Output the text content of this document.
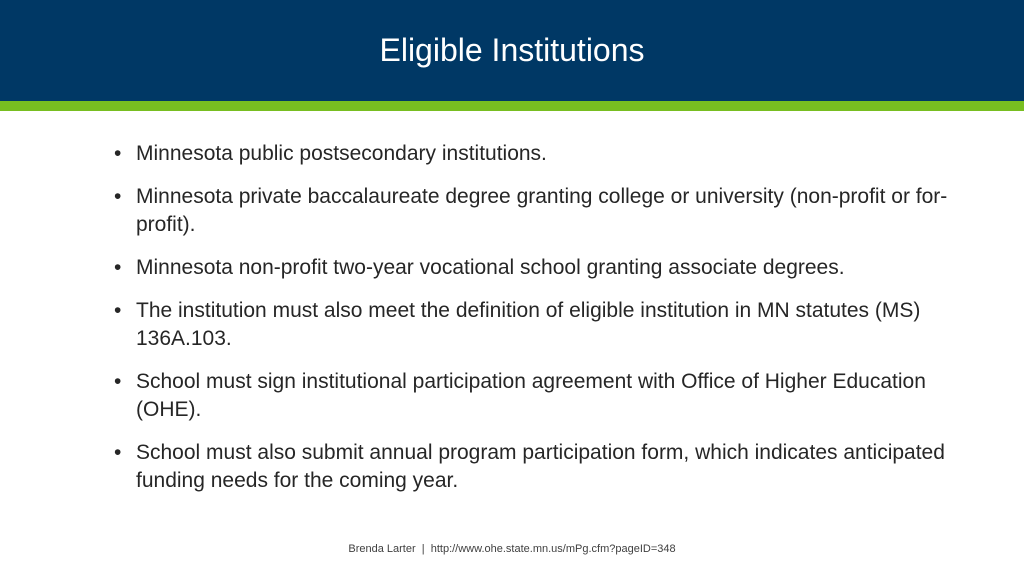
Eligible Institutions
• Minnesota public postsecondary institutions.
• Minnesota private baccalaureate degree granting college or university (non-profit or for-profit).
• Minnesota non-profit two-year vocational school granting associate degrees.
• The institution must also meet the definition of eligible institution in MN statutes (MS) 136A.103.
• School must sign institutional participation agreement with Office of Higher Education (OHE).
• School must also submit annual program participation form, which indicates anticipated funding needs for the coming year.
Brenda Larter  |  http://www.ohe.state.mn.us/mPg.cfm?pageID=348
